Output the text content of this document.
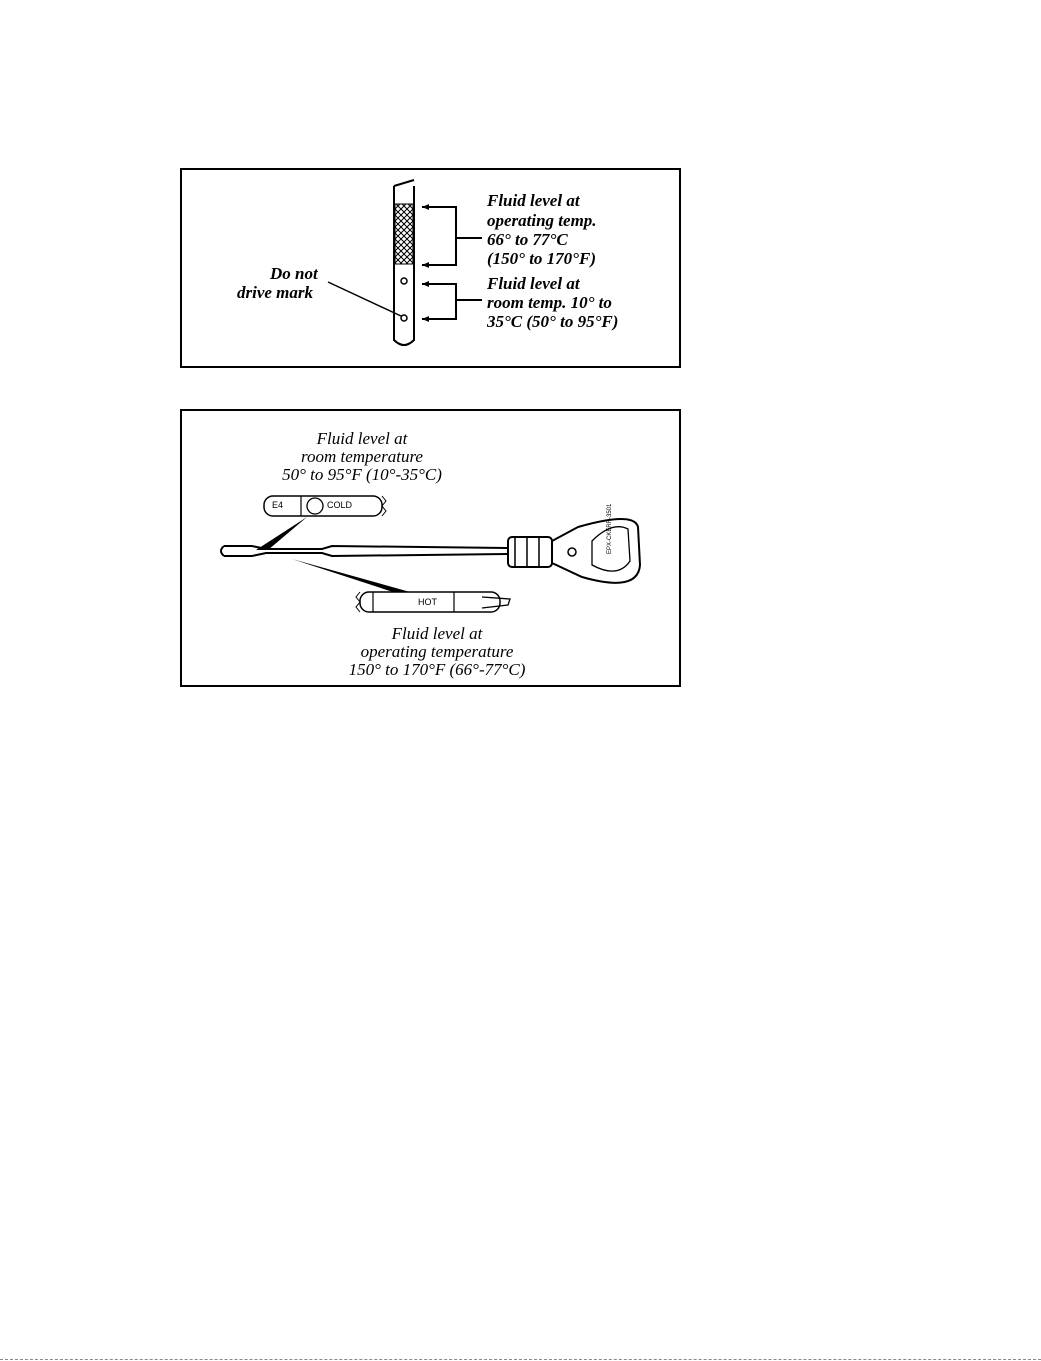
Fluid level at
operating temp.
66° to 77°C
(150° to 170°F)
Fluid level at
room temp. 10° to
35°C (50° to 95°F)
Do not
drive mark
Fluid level at
room temperature
50° to 95°F (10°-35°C)
Fluid level at
operating temperature
150° to 170°F (66°-77°C)
E4	COLD
HOT
EPX-CKERR-3501
